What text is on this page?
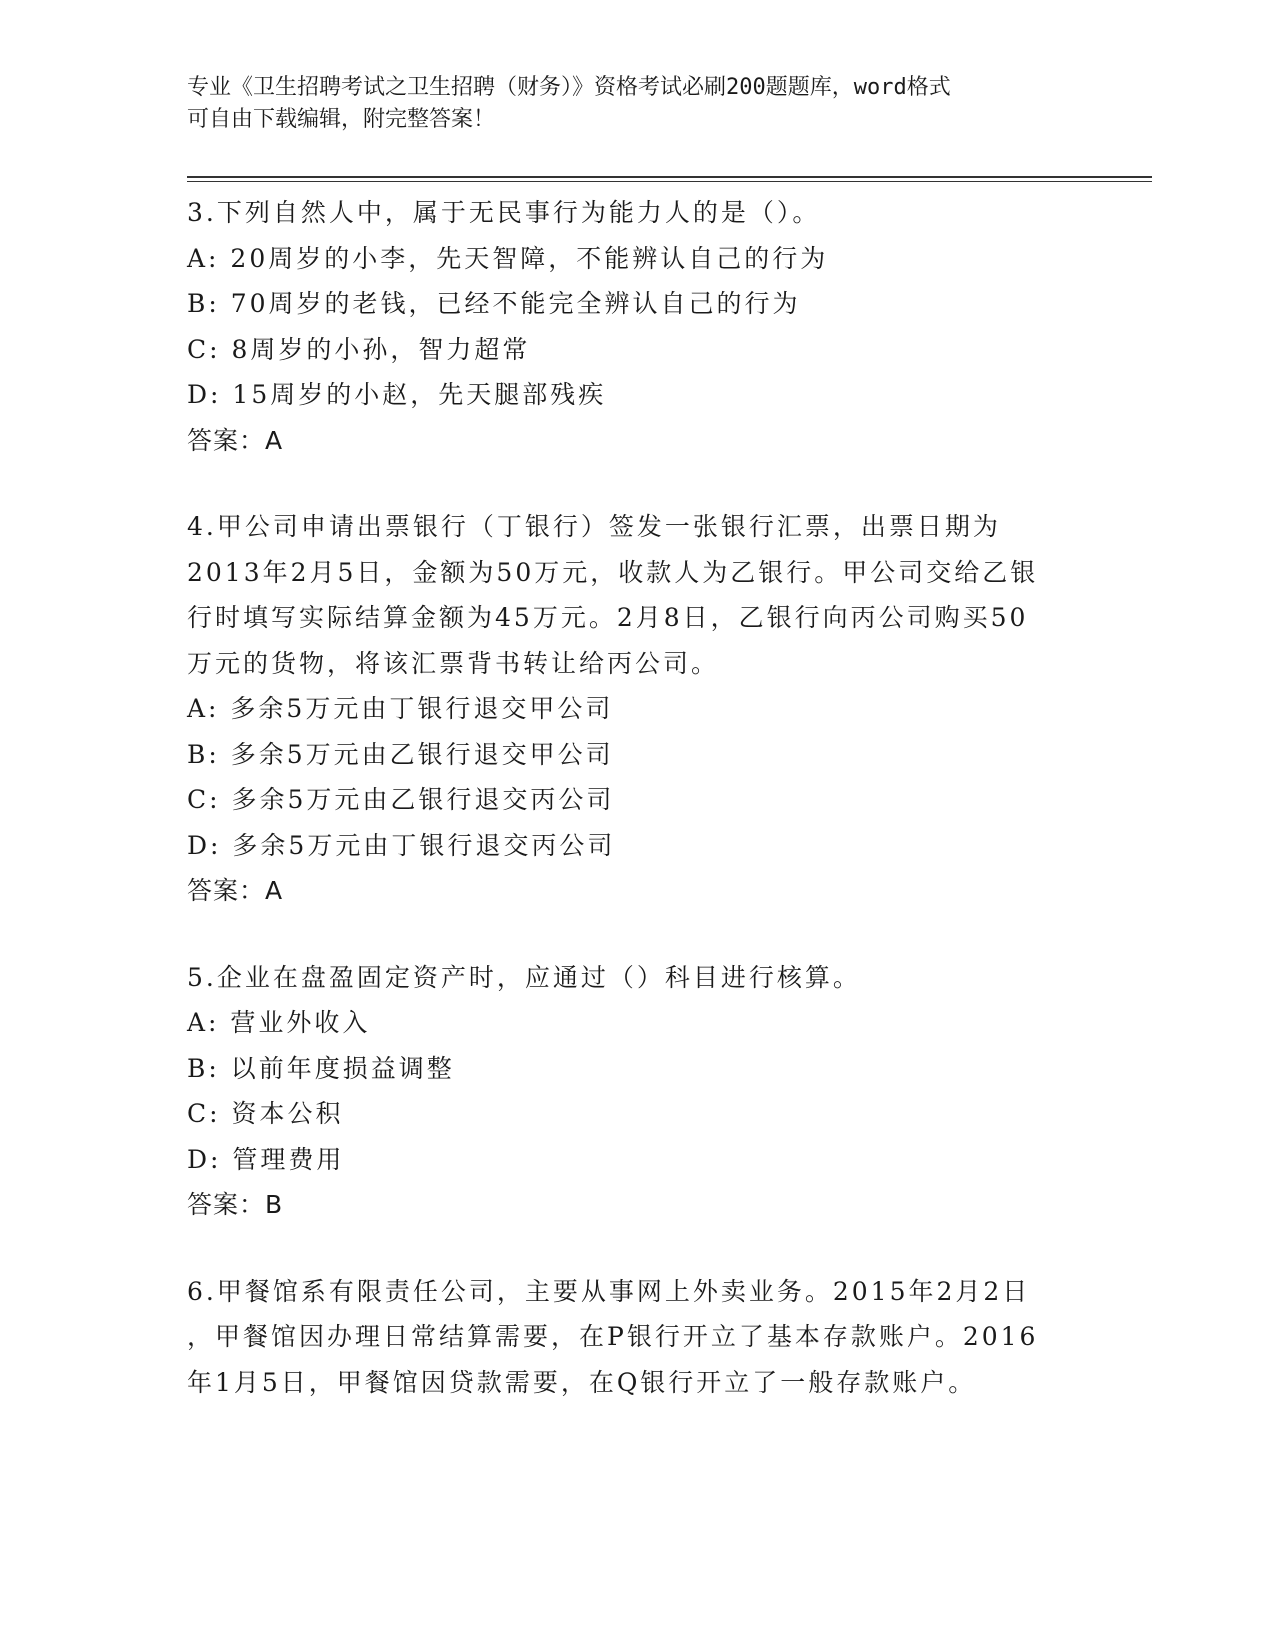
专业《卫生招聘考试之卫生招聘（财务）》资格考试必刷200题题库，word格式

可自由下载编辑，附完整答案！

3.下列自然人中，属于无民事行为能力人的是（）。

A: 20周岁的小李，先天智障，不能辨认自己的行为

B: 70周岁的老钱，已经不能完全辨认自己的行为

C: 8周岁的小孙，智力超常

D: 15周岁的小赵，先天腿部残疾

答案：A

4.甲公司申请出票银行（丁银行）签发一张银行汇票，出票日期为

2013年2月5日，金额为50万元，收款人为乙银行。甲公司交给乙银

行时填写实际结算金额为45万元。2月8日，乙银行向丙公司购买50

万元的货物，将该汇票背书转让给丙公司。

A: 多余5万元由丁银行退交甲公司

B: 多余5万元由乙银行退交甲公司

C: 多余5万元由乙银行退交丙公司

D: 多余5万元由丁银行退交丙公司

答案：A

5.企业在盘盈固定资产时，应通过（）科目进行核算。

A: 营业外收入

B: 以前年度损益调整

C: 资本公积

D: 管理费用

答案：B

6.甲餐馆系有限责任公司，主要从事网上外卖业务。2015年2月2日

，甲餐馆因办理日常结算需要，在P银行开立了基本存款账户。2016

年1月5日，甲餐馆因贷款需要，在Q银行开立了一般存款账户。
